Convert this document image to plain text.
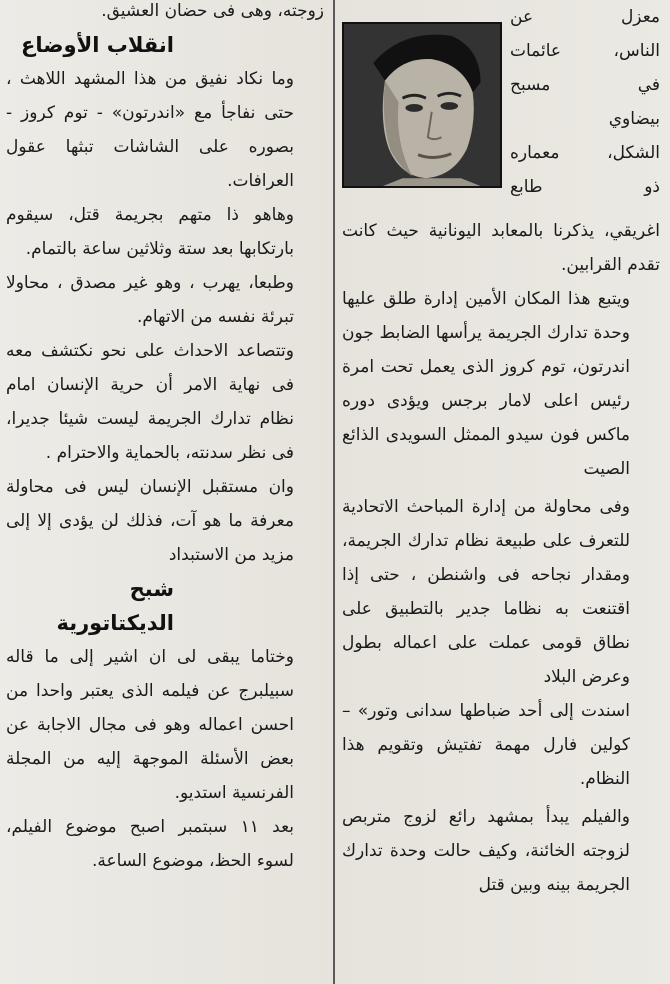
معزل عن

الناس، عائمات

في مسبح

بيضاوي

الشكل، معماره

ذو طابع

اغريقي، يذكرنا بالمعابد اليونانية حيث كانت تقدم القرابين.

ويتبع هذا المكان الأمين إدارة طلق عليها وحدة تدارك الجريمة يرأسها الضابط جون اندرتون، توم كروز الذى يعمل تحت امرة رئيس اعلى لامار برجس ويؤدى دوره ماكس فون سيدو الممثل السويدى الذائع الصيت

وفى محاولة من إدارة المباحث الاتحادية للتعرف على طبيعة نظام تدارك الجريمة، ومقدار نجاحه فى واشنطن ، حتى إذا اقتنعت به نظاما جدير بالتطبيق على نطاق قومى عملت على اعماله بطول وعرض البلاد

اسندت إلى أحد ضباطها سدانى وتور» – كولين فارل مهمة تفتيش وتقويم هذا النظام.

والفيلم يبدأ بمشهد رائع لزوج متربص لزوجته الخائنة، وكيف حالت وحدة تدارك الجريمة بينه وبين قتل

زوجته، وهى فى حضان العشيق.

انقلاب الأوضاع

وما نكاد نفيق من هذا المشهد اللاهث ، حتى نفاجأ مع «اندرتون» - توم كروز - بصوره على الشاشات تبثها عقول العرافات.

وهاهو ذا متهم بجريمة قتل، سيقوم بارتكابها بعد ستة وثلاثين ساعة بالتمام.

وطبعا، يهرب ، وهو غير مصدق ، محاولا تبرئة نفسه من الاتهام.

وتتصاعد الاحداث على نحو نكتشف معه فى نهاية الامر أن حرية الإنسان امام نظام تدارك الجريمة ليست شيئا جديرا، فى نظر سدنته، بالحماية والاحترام .

وان مستقبل الإنسان ليس فى محاولة معرفة ما هو آت، فذلك لن يؤدى إلا إلى مزيد من الاستبداد

شبح الديكتاتورية

وختاما يبقى لى ان اشير إلى ما قاله سبيلبرج عن فيلمه الذى يعتبر واحدا من احسن اعماله وهو فى مجال الاجابة عن بعض الأسئلة الموجهة إليه من المجلة الفرنسية استديو.

بعد ١١ سبتمبر اصبح موضوع الفيلم، لسوء الحظ، موضوع الساعة.
